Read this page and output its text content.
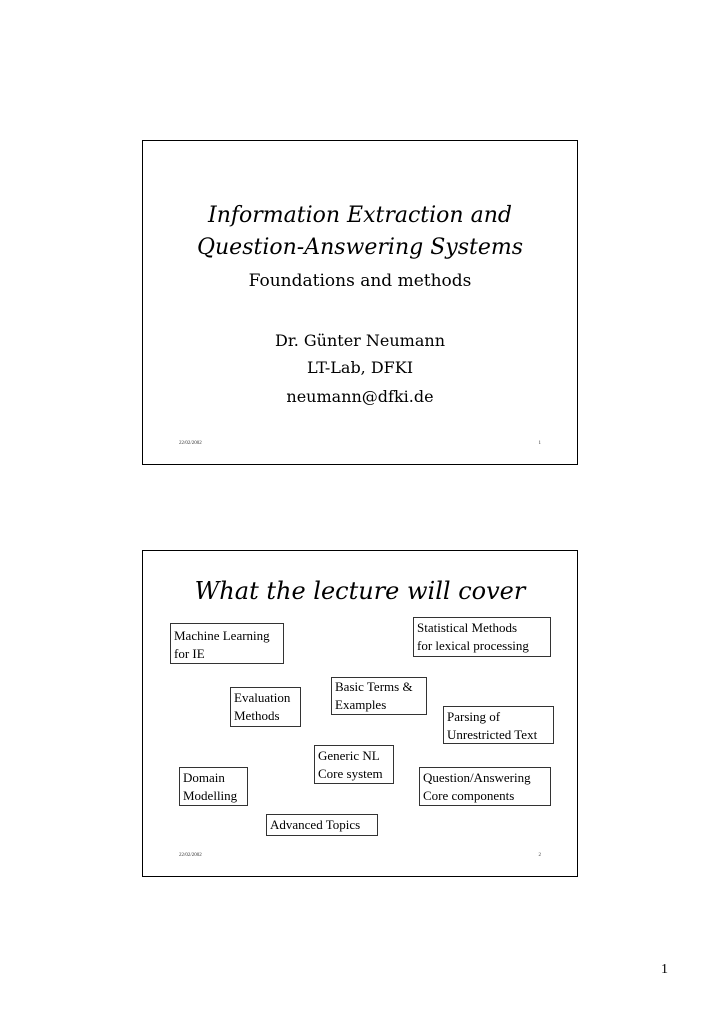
Information Extraction and
Question-Answering Systems
Foundations and methods
Dr. Günter Neumann
LT-Lab, DFKI
neumann@dfki.de
22/02/2002	1
What the lecture will cover
Machine Learning
for IE
Statistical Methods
for lexical processing
Basic Terms &
Examples
Evaluation
Methods	Parsing of
Unrestricted Text
Generic NL
Core system
Domain
Modelling
Question/Answering
Core components
Advanced Topics
22/02/2002	2
1
